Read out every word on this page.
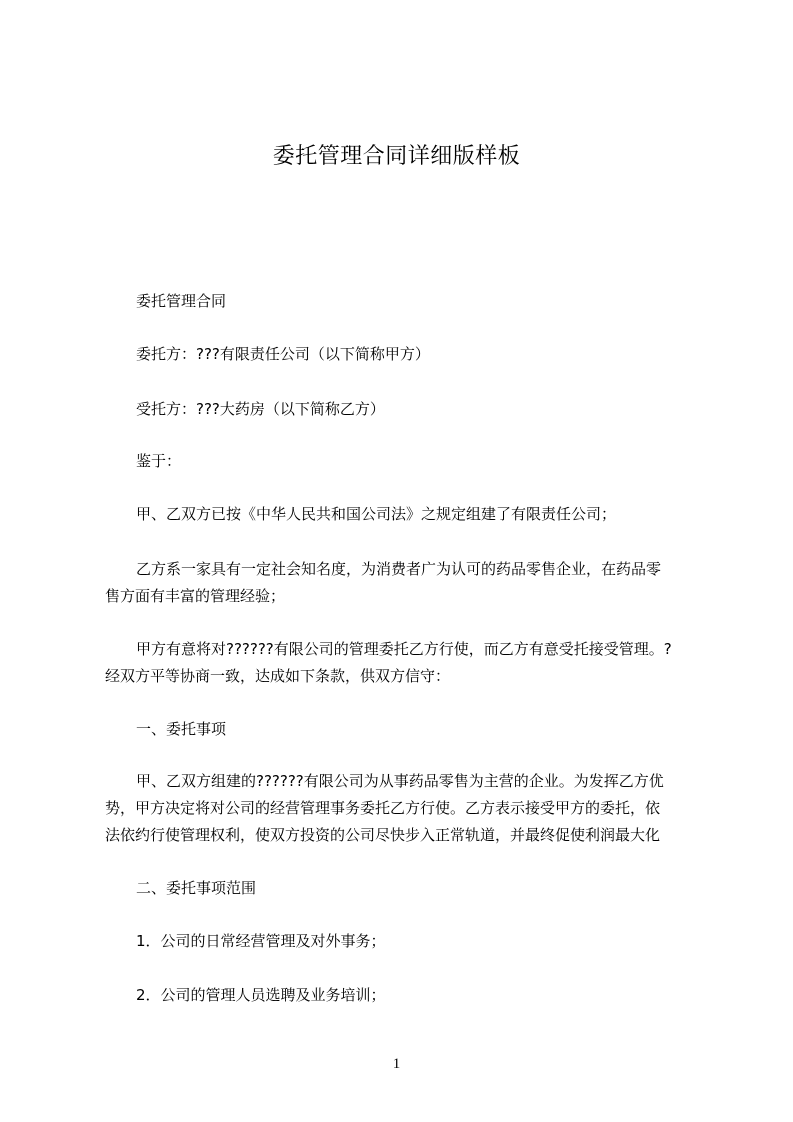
委托管理合同详细版样板
委托管理合同
委托方：???有限责任公司（以下简称甲方）
受托方：???大药房（以下简称乙方）
鉴于：
甲、乙双方已按《中华人民共和国公司法》之规定组建了有限责任公司；
乙方系一家具有一定社会知名度，为消费者广为认可的药品零售企业，在药品零
售方面有丰富的管理经验；
甲方有意将对??????有限公司的管理委托乙方行使，而乙方有意受托接受管理。?
经双方平等协商一致，达成如下条款，供双方信守：
一、委托事项
甲、乙双方组建的??????有限公司为从事药品零售为主营的企业。为发挥乙方优
势，甲方决定将对公司的经营管理事务委托乙方行使。乙方表示接受甲方的委托，依
法依约行使管理权利，使双方投资的公司尽快步入正常轨道，并最终促使利润最大化
二、委托事项范围
1．公司的日常经营管理及对外事务；
2．公司的管理人员选聘及业务培训；
1
